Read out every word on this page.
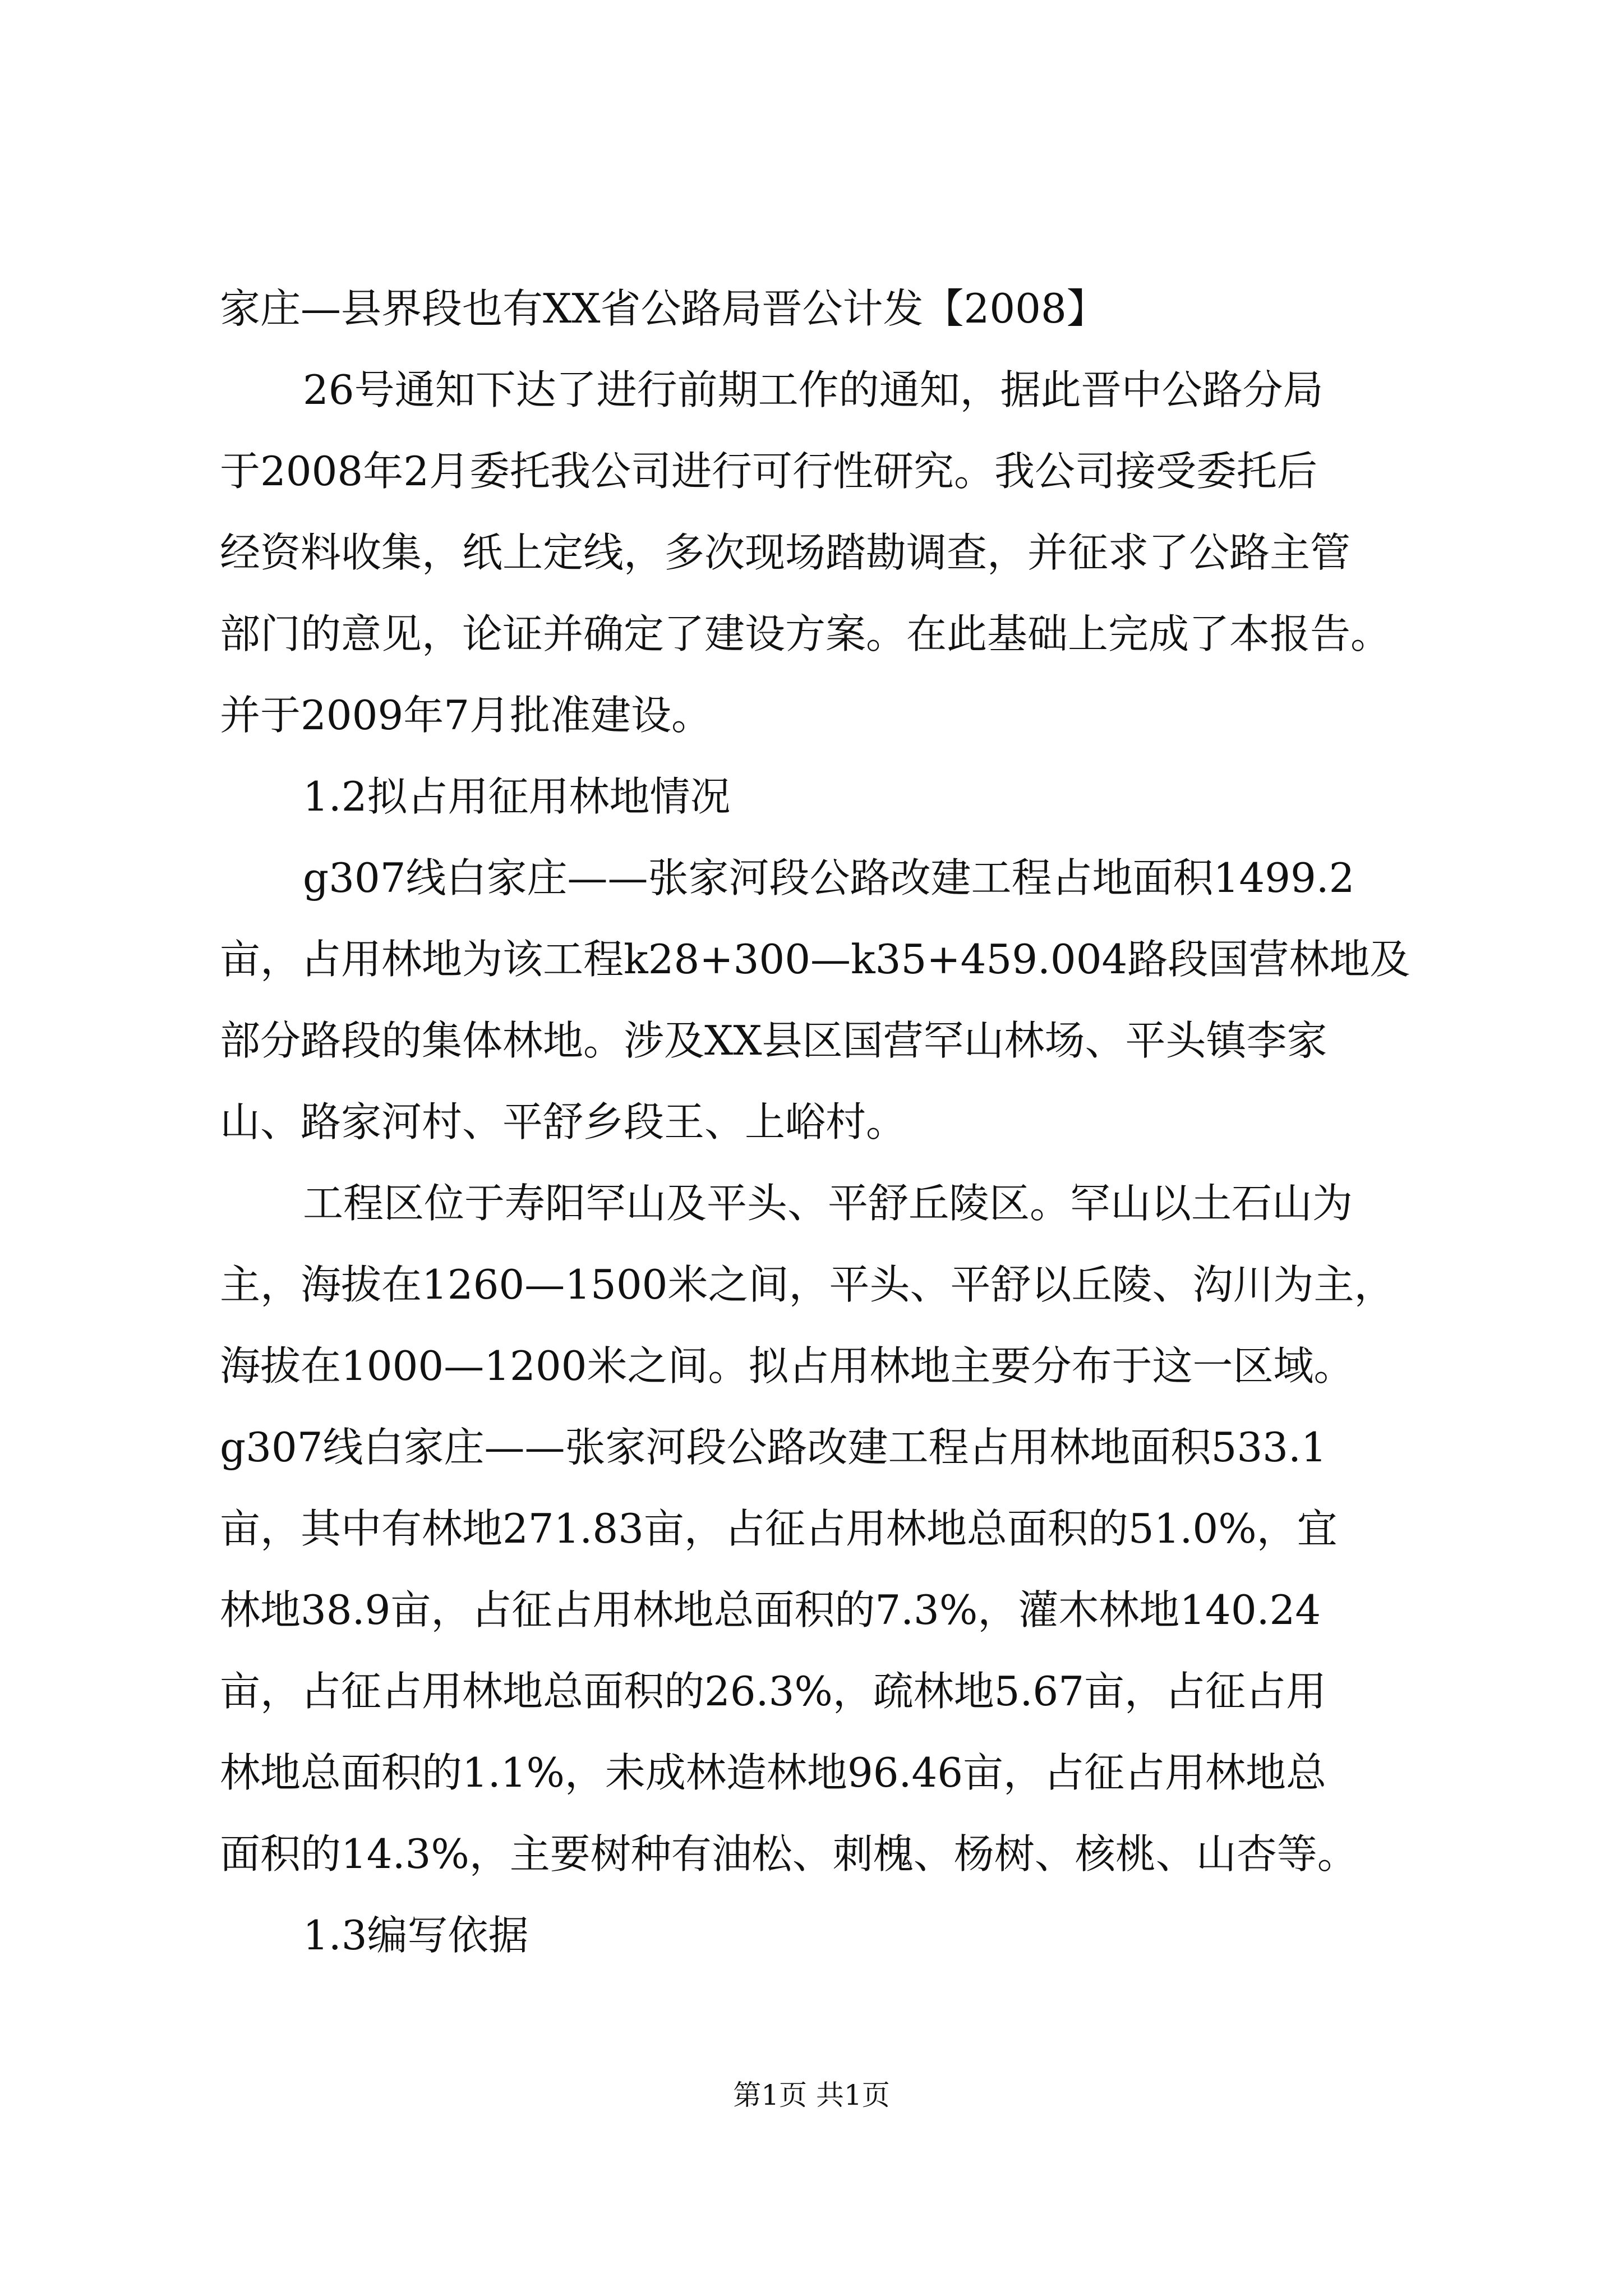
家庄—县界段也有XX省公路局晋公计发【2008】
26号通知下达了进行前期工作的通知，据此晋中公路分局
于2008年2月委托我公司进行可行性研究。我公司接受委托后
经资料收集，纸上定线，多次现场踏勘调查，并征求了公路主管
部门的意见，论证并确定了建设方案。在此基础上完成了本报告。
并于2009年7月批准建设。
1.2拟占用征用林地情况
g307线白家庄——张家河段公路改建工程占地面积1499.2
亩，占用林地为该工程k28+300—k35+459.004路段国营林地及
部分路段的集体林地。涉及XX县区国营罕山林场、平头镇李家
山、路家河村、平舒乡段王、上峪村。
工程区位于寿阳罕山及平头、平舒丘陵区。罕山以土石山为
主，海拔在1260—1500米之间，平头、平舒以丘陵、沟川为主，
海拔在1000—1200米之间。拟占用林地主要分布于这一区域。
g307线白家庄——张家河段公路改建工程占用林地面积533.1
亩，其中有林地271.83亩，占征占用林地总面积的51.0%，宜
林地38.9亩，占征占用林地总面积的7.3%，灌木林地140.24
亩，占征占用林地总面积的26.3%，疏林地5.67亩，占征占用
林地总面积的1.1%，未成林造林地96.46亩，占征占用林地总
面积的14.3%，主要树种有油松、刺槐、杨树、核桃、山杏等。
1.3编写依据
第1页 共1页
